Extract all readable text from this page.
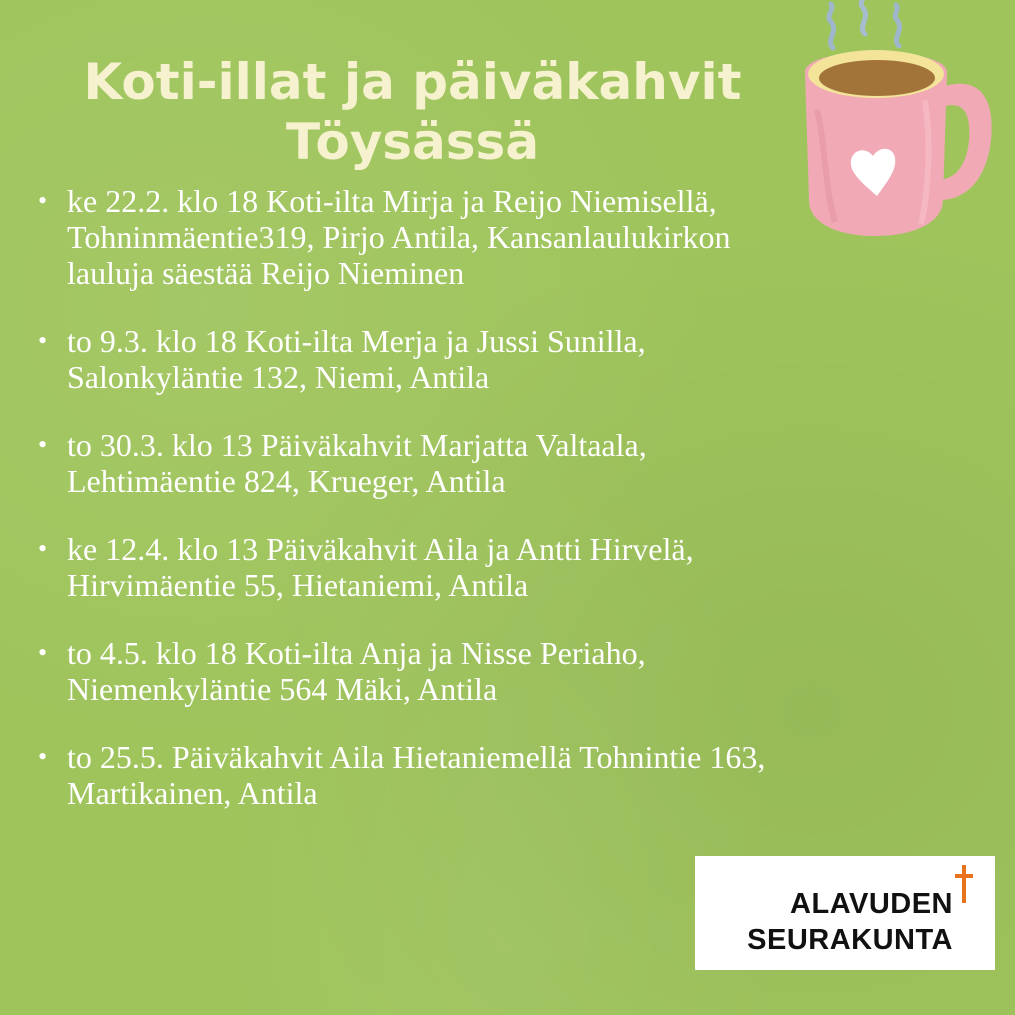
Koti-illat ja päiväkahvit
Töysässä
• ke 22.2. klo 18 Koti-ilta Mirja ja Reijo Niemisellä,
Tohninmäentie319, Pirjo Antila, Kansanlaulukirkon
lauluja säestää Reijo Nieminen
• to 9.3. klo 18 Koti-ilta Merja ja Jussi Sunilla,
Salonkyläntie 132, Niemi, Antila
• to 30.3. klo 13 Päiväkahvit Marjatta Valtaala,
Lehtimäentie 824, Krueger, Antila
• ke 12.4. klo 13 Päiväkahvit Aila ja Antti Hirvelä,
Hirvimäentie 55, Hietaniemi, Antila
• to 4.5. klo 18 Koti-ilta Anja ja Nisse Periaho,
Niemenkyläntie 564 Mäki, Antila
• to 25.5. Päiväkahvit Aila Hietaniemellä Tohnintie 163,
Martikainen, Antila
ALAVUDEN
SEURAKUNTA
